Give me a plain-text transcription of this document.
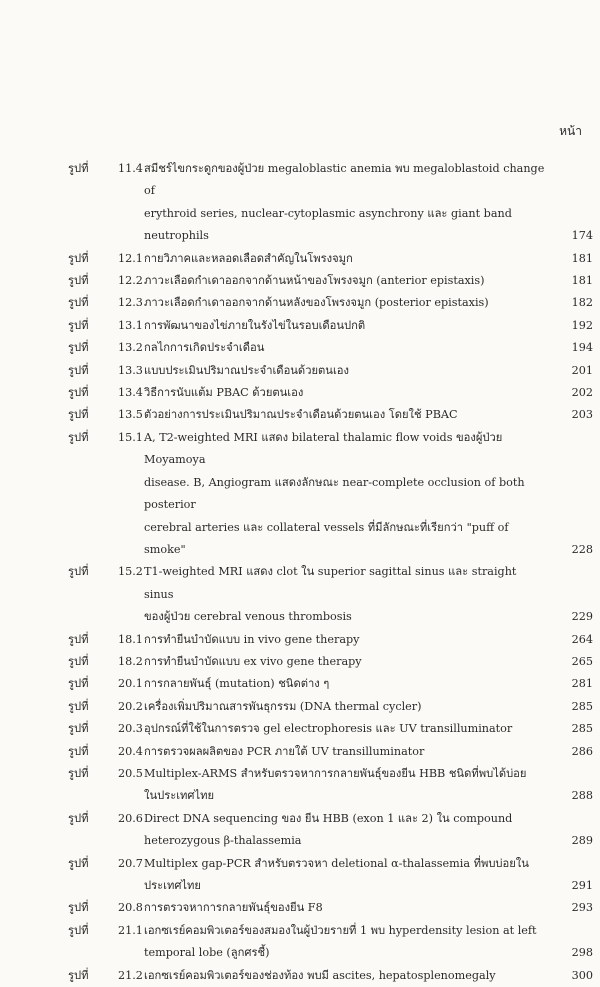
หน้า
รูปที่	11.4 สมีชร์ไขกระดูกของผู้ป่วย megaloblastic anemia พบ megaloblastoid change of
erythroid series, nuclear-cytoplasmic asynchrony และ giant band neutrophils	174
รูปที่	12.1 กายวิภาคและหลอดเลือดสำคัญในโพรงจมูก	181
รูปที่	12.2 ภาวะเลือดกำเดาออกจากด้านหน้าของโพรงจมูก (anterior epistaxis)	181
รูปที่	12.3 ภาวะเลือดกำเดาออกจากด้านหลังของโพรงจมูก (posterior epistaxis)	182
รูปที่	13.1 การพัฒนาของไข่ภายในรังไข่ในรอบเดือนปกติ	192
รูปที่	13.2 กลไกการเกิดประจำเดือน	194
รูปที่	13.3 แบบประเมินปริมาณประจำเดือนด้วยตนเอง	201
รูปที่	13.4 วิธีการนับแต้ม PBAC ด้วยตนเอง	202
รูปที่	13.5 ตัวอย่างการประเมินปริมาณประจำเดือนด้วยตนเอง โดยใช้ PBAC	203
รูปที่	15.1 A, T2-weighted MRI แสดง bilateral thalamic flow voids ของผู้ป่วย Moyamoya
disease. B, Angiogram แสดงลักษณะ near-complete occlusion of both posterior
cerebral arteries และ collateral vessels ที่มีลักษณะที่เรียกว่า "puff of smoke"	228
รูปที่	15.2 T1-weighted MRI แสดง clot ใน superior sagittal sinus และ straight sinus
ของผู้ป่วย cerebral venous thrombosis	229
รูปที่	18.1 การทำยีนบำบัดแบบ in vivo gene therapy	264
รูปที่	18.2 การทำยีนบำบัดแบบ ex vivo gene therapy	265
รูปที่	20.1 การกลายพันธุ์ (mutation) ชนิดต่าง ๆ	281
รูปที่	20.2 เครื่องเพิ่มปริมาณสารพันธุกรรม (DNA thermal cycler)	285
รูปที่	20.3 อุปกรณ์ที่ใช้ในการตรวจ gel electrophoresis และ UV transilluminator	285
รูปที่	20.4 การตรวจผลผลิตของ PCR ภายใต้ UV transilluminator	286
รูปที่	20.5 Multiplex-ARMS สำหรับตรวจหาการกลายพันธุ์ของยีน HBB ชนิดที่พบได้บ่อย
ในประเทศไทย	288
รูปที่	20.6 Direct DNA sequencing ของ ยีน HBB (exon 1 และ 2) ใน compound
heterozygous β-thalassemia	289
รูปที่	20.7 Multiplex gap-PCR สำหรับตรวจหา deletional α-thalassemia ที่พบบ่อยใน
ประเทศไทย	291
รูปที่	20.8 การตรวจหาการกลายพันธุ์ของยีน F8	293
รูปที่	21.1 เอกซเรย์คอมพิวเตอร์ของสมองในผู้ป่วยรายที่ 1 พบ hyperdensity lesion at left
temporal lobe (ลูกศรชี้)	298
รูปที่	21.2 เอกซเรย์คอมพิวเตอร์ของช่องท้อง พบมี ascites, hepatosplenomegaly	300
